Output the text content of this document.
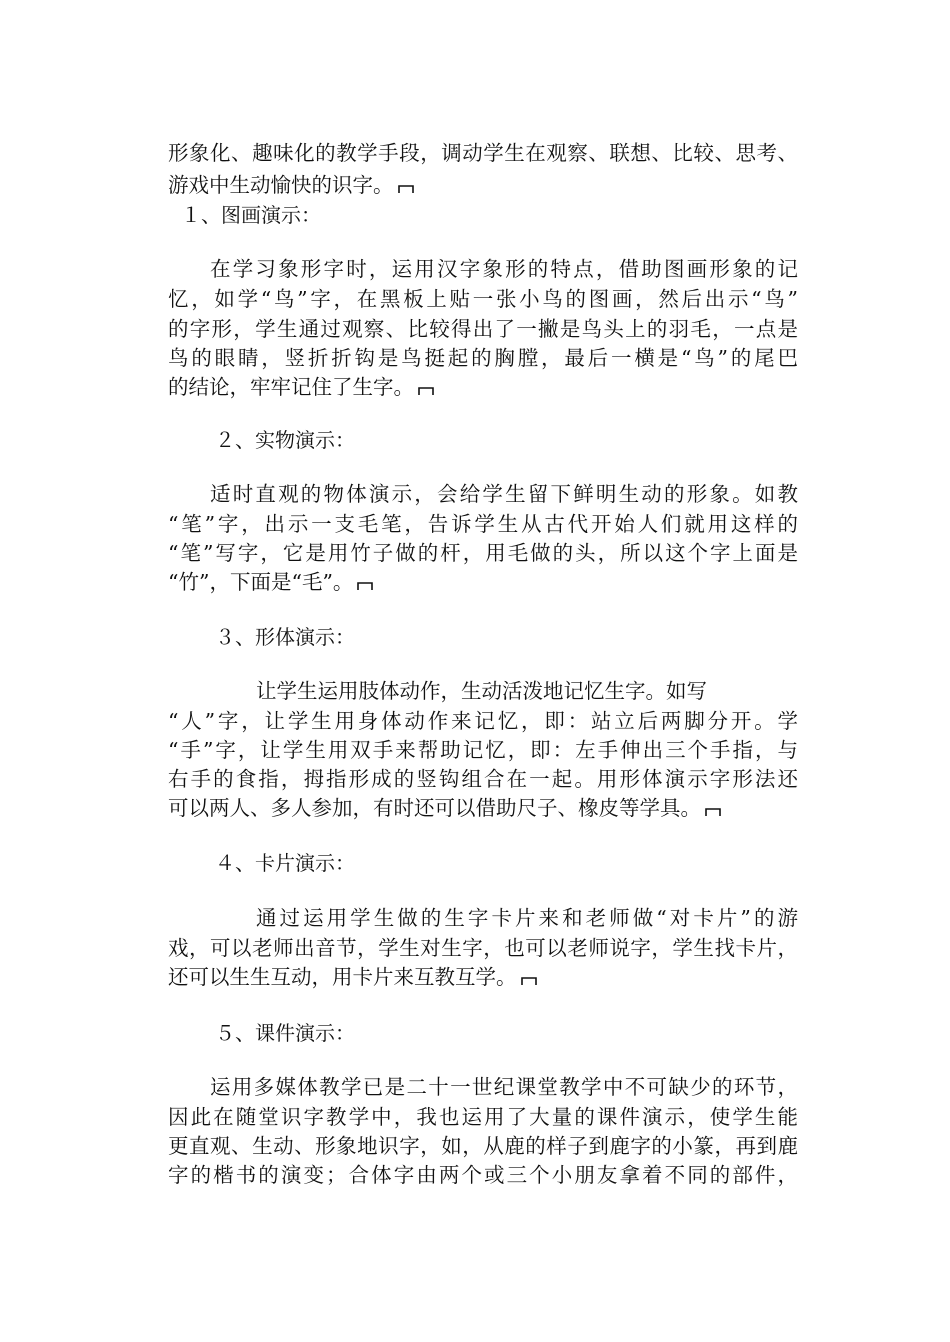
形象化、趣味化的教学手段，调动学生在观察、联想、比较、思考、
游戏中生动愉快的识字。
１、图画演示：
在学习象形字时，运用汉字象形的特点，借助图画形象的记
忆，如学“鸟”字，在黑板上贴一张小鸟的图画，然后出示“鸟”
的字形，学生通过观察、比较得出了一撇是鸟头上的羽毛，一点是
鸟的眼睛，竖折折钩是鸟挺起的胸膛，最后一横是“鸟”的尾巴
的结论，牢牢记住了生字。
２、实物演示：
适时直观的物体演示，会给学生留下鲜明生动的形象。如教
“笔”字，出示一支毛笔，告诉学生从古代开始人们就用这样的
“笔”写字，它是用竹子做的杆，用毛做的头，所以这个字上面是
“竹”，下面是“毛”。
３、形体演示：
让学生运用肢体动作，生动活泼地记忆生字。如写
“人”字，让学生用身体动作来记忆，即：站立后两脚分开。学
“手”字，让学生用双手来帮助记忆，即：左手伸出三个手指，与
右手的食指，拇指形成的竖钩组合在一起。用形体演示字形法还
可以两人、多人参加，有时还可以借助尺子、橡皮等学具。
４、卡片演示：
通过运用学生做的生字卡片来和老师做“对卡片”的游
戏，可以老师出音节，学生对生字，也可以老师说字，学生找卡片，
还可以生生互动，用卡片来互教互学。
５、课件演示：
运用多媒体教学已是二十一世纪课堂教学中不可缺少的环节，
因此在随堂识字教学中，我也运用了大量的课件演示，使学生能
更直观、生动、形象地识字，如，从鹿的样子到鹿字的小篆，再到鹿
字的楷书的演变；合体字由两个或三个小朋友拿着不同的部件，
